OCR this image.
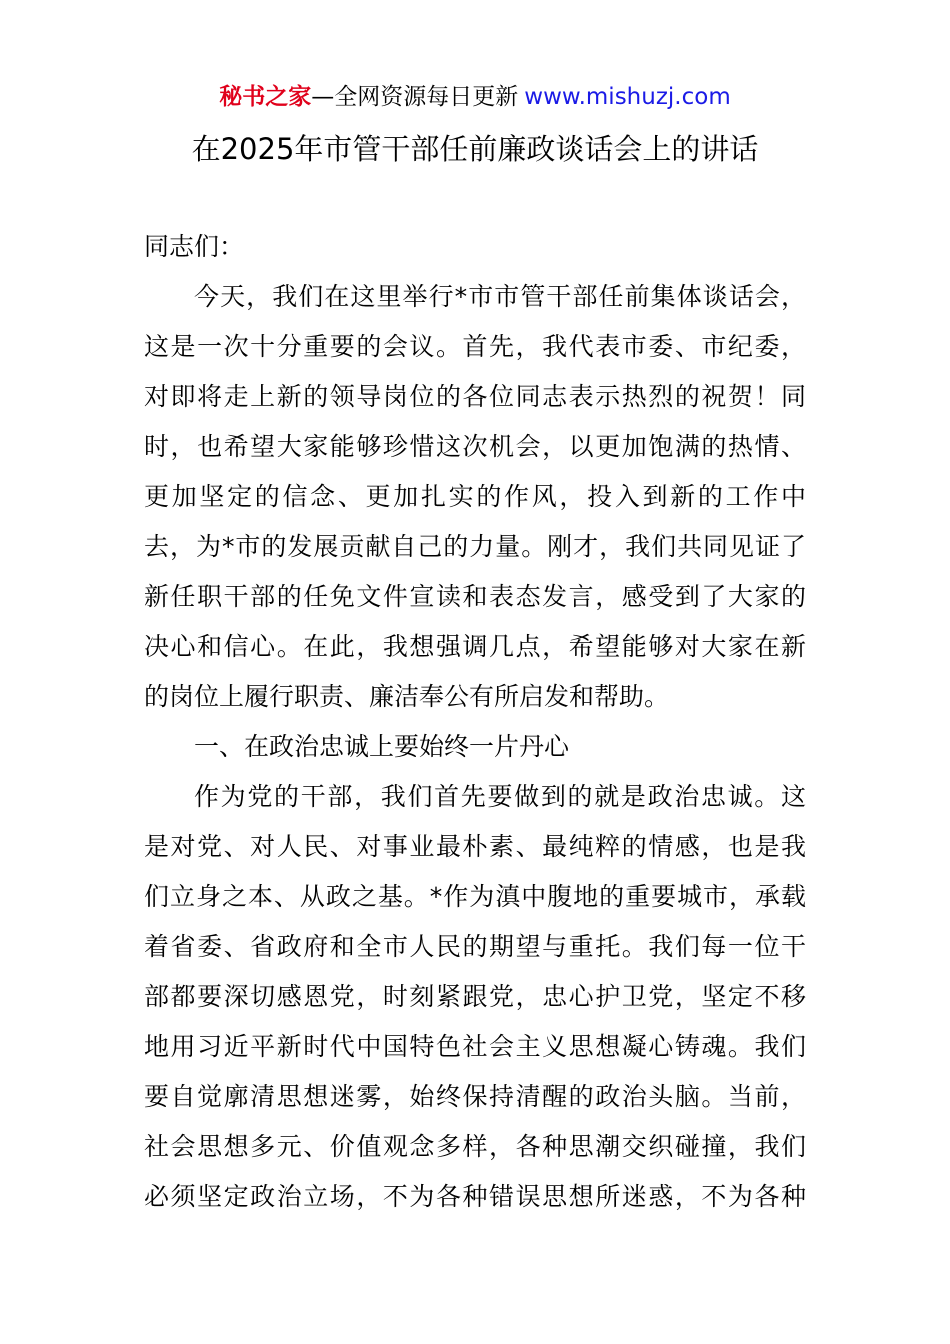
秘书之家—全网资源每日更新 www.mishuzj.com
在2025年市管干部任前廉政谈话会上的讲话
同志们：
今天，我们在这里举行*市市管干部任前集体谈话会，
这是一次十分重要的会议。首先，我代表市委、市纪委，
对即将走上新的领导岗位的各位同志表示热烈的祝贺！同
时，也希望大家能够珍惜这次机会，以更加饱满的热情、
更加坚定的信念、更加扎实的作风，投入到新的工作中
去，为*市的发展贡献自己的力量。刚才，我们共同见证了
新任职干部的任免文件宣读和表态发言，感受到了大家的
决心和信心。在此，我想强调几点，希望能够对大家在新
的岗位上履行职责、廉洁奉公有所启发和帮助。
一、在政治忠诚上要始终一片丹心
作为党的干部，我们首先要做到的就是政治忠诚。这
是对党、对人民、对事业最朴素、最纯粹的情感，也是我
们立身之本、从政之基。*作为滇中腹地的重要城市，承载
着省委、省政府和全市人民的期望与重托。我们每一位干
部都要深切感恩党，时刻紧跟党，忠心护卫党，坚定不移
地用习近平新时代中国特色社会主义思想凝心铸魂。我们
要自觉廓清思想迷雾，始终保持清醒的政治头脑。当前，
社会思想多元、价值观念多样，各种思潮交织碰撞，我们
必须坚定政治立场，不为各种错误思想所迷惑，不为各种
